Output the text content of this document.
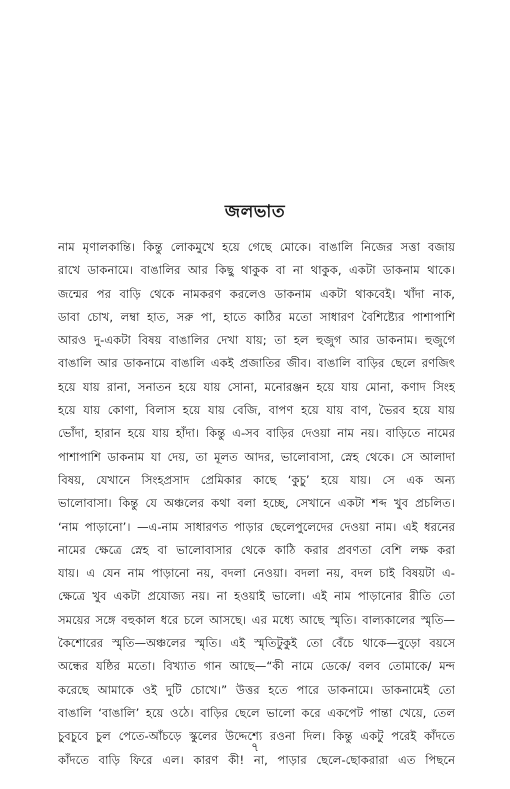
জলভাত
নাম মৃণালকান্তি। কিন্তু লোকমুখে হয়ে গেছে মোকে। বাঙালি নিজের সত্তা বজায়
রাখে ডাকনামে। বাঙালির আর কিছু থাকুক বা না থাকুক, একটা ডাকনাম থাকে।
জন্মের পর বাড়ি থেকে নামকরণ করলেও ডাকনাম একটা থাকবেই। খাঁদা নাক,
ডাবা চোখ, লম্বা হাত, সরু পা, হাতে কাঠির মতো সাধারণ বৈশিষ্ট্যের পাশাপাশি
আরও দু-একটা বিষয় বাঙালির দেখা যায়; তা হল হুজুগ আর ডাকনাম। হুজুগে
বাঙালি আর ডাকনামে বাঙালি একই প্রজাতির জীব। বাঙালি বাড়ির ছেলে রণজিৎ
হয়ে যায় রানা, সনাতন হয়ে যায় সোনা, মনোরঞ্জন হয়ে যায় মোনা, কণাদ সিংহ
হয়ে যায় কোণা, বিলাস হয়ে যায় বেজি, বাপণ হয়ে যায় বাণ, ভৈরব হয়ে যায়
ভোঁদা, হারান হয়ে যায় হাঁদা। কিন্তু এ-সব বাড়ির দেওয়া নাম নয়। বাড়িতে নামের
পাশাপাশি ডাকনাম যা দেয়, তা মূলত আদর, ভালোবাসা, স্নেহ থেকে। সে আলাদা
বিষয়, যেখানে সিংহপ্রসাদ প্রেমিকার কাছে ‘কুচু’ হয়ে যায়। সে এক অন্য
ভালোবাসা। কিন্তু যে অঞ্চলের কথা বলা হচ্ছে, সেখানে একটা শব্দ খুব প্রচলিত।
‘নাম পাড়ানো’। —এ-নাম সাধারণত পাড়ার ছেলেপুলেদের দেওয়া নাম। এই ধরনের
নামের ক্ষেত্রে স্নেহ বা ভালোবাসার থেকে কাঠি করার প্রবণতা বেশি লক্ষ করা
যায়। এ যেন নাম পাড়ানো নয়, বদলা নেওয়া। বদলা নয়, বদল চাই বিষয়টা এ-
ক্ষেত্রে খুব একটা প্রযোজ্য নয়। না হওয়াই ভালো। এই নাম পাড়ানোর রীতি তো
সময়ের সঙ্গে বহুকাল ধরে চলে আসছে। এর মধ্যে আছে স্মৃতি। বাল্যকালের স্মৃতি—
কৈশোরের স্মৃতি—অঞ্চলের স্মৃতি। এই স্মৃতিটুকুই তো বেঁচে থাকে—বুড়ো বয়সে
অন্ধের যষ্ঠির মতো। বিখ্যাত গান আছে—“কী নামে ডেকে/ বলব তোমাকে/ মন্দ
করেছে আমাকে ওই দুটি চোখে।” উত্তর হতে পারে ডাকনামে। ডাকনামেই তো
বাঙালি ‘বাঙালি’ হয়ে ওঠে। বাড়ির ছেলে ভালো করে একপেট পান্তা খেয়ে, তেল
চুবচুবে চুল পেতে-আঁচড়ে স্কুলের উদ্দেশ্যে রওনা দিল। কিন্তু একটু পরেই কাঁদতে
কাঁদতে বাড়ি ফিরে এল। কারণ কী! না, পাড়ার ছেলে-ছোকরারা এত পিছনে
৭
